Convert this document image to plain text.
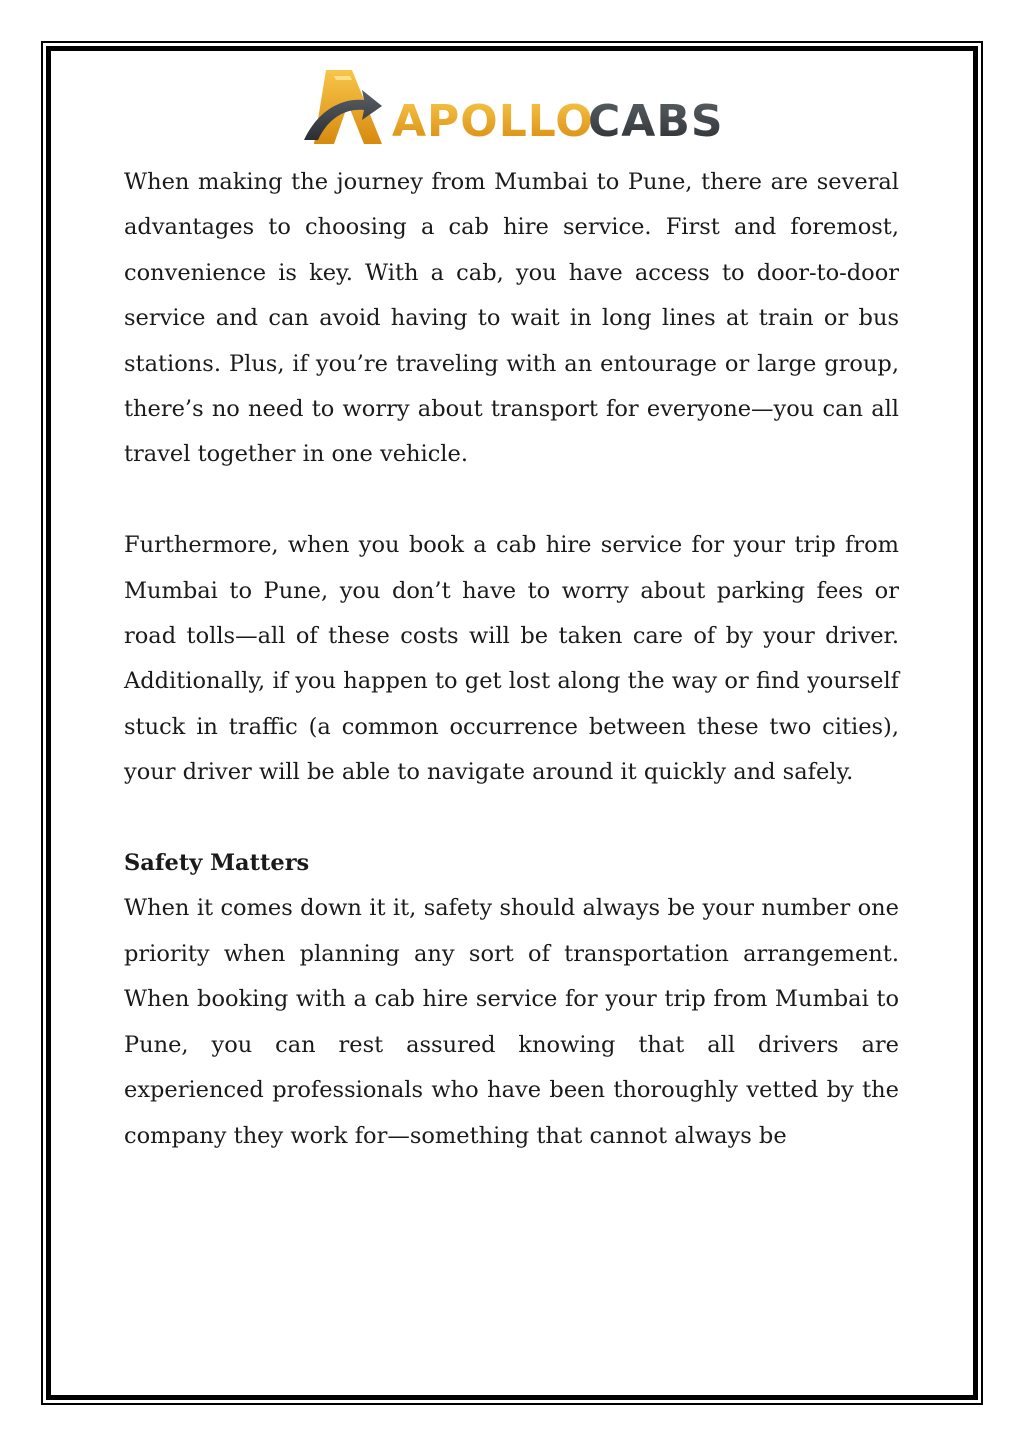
APOLLO
CABS

When making the journey from Mumbai to Pune, there are several advantages to choosing a cab hire service. First and foremost, convenience is key. With a cab, you have access to door-to-door service and can avoid having to wait in long lines at train or bus stations. Plus, if you’re traveling with an entourage or large group, there’s no need to worry about transport for everyone—you can all travel together in one vehicle.

Furthermore, when you book a cab hire service for your trip from Mumbai to Pune, you don’t have to worry about parking fees or road tolls—all of these costs will be taken care of by your driver. Additionally, if you happen to get lost along the way or find yourself stuck in traffic (a common occurrence between these two cities), your driver will be able to navigate around it quickly and safely.

Safety Matters

When it comes down it it, safety should always be your number one priority when planning any sort of transportation arrangement. When booking with a cab hire service for your trip from Mumbai to Pune, you can rest assured knowing that all drivers are experienced professionals who have been thoroughly vetted by the company they work for—something that cannot always be
